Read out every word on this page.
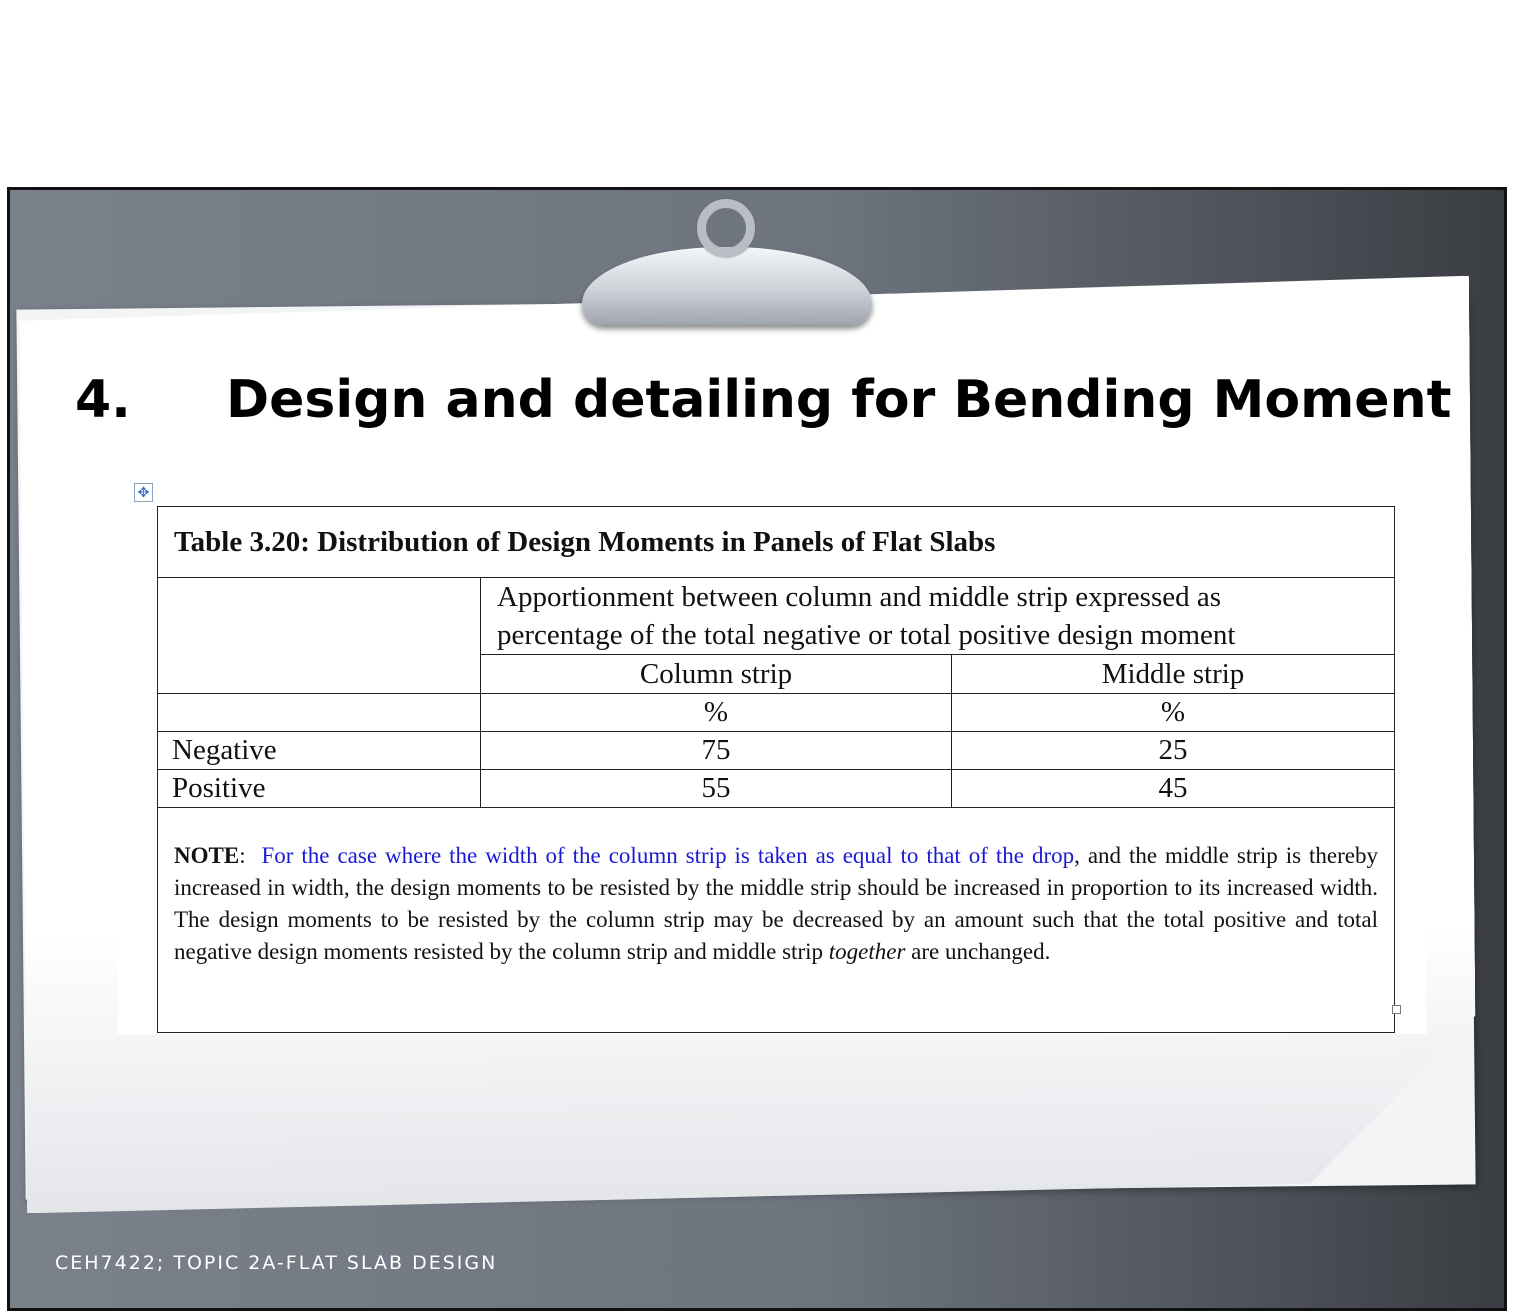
4. Design and detailing for Bending Moment
✥
Table 3.20: Distribution of Design Moments in Panels of Flat Slabs		
	Apportionment between column and middle strip expressed as
percentage of the total negative or total positive design moment	
	Column strip	Middle strip
	%	%
Negative	75	25
Positive	55	45
NOTE: For the case where the width of the column strip is taken as equal to that of the drop, and the middle strip is thereby increased in width, the design moments to be resisted by the middle strip should be increased in proportion to its increased width. The design moments to be resisted by the column strip may be decreased by an amount such that the total positive and total negative design moments resisted by the column strip and middle strip together are unchanged.		
CEH7422; TOPIC 2A-FLAT SLAB DESIGN
